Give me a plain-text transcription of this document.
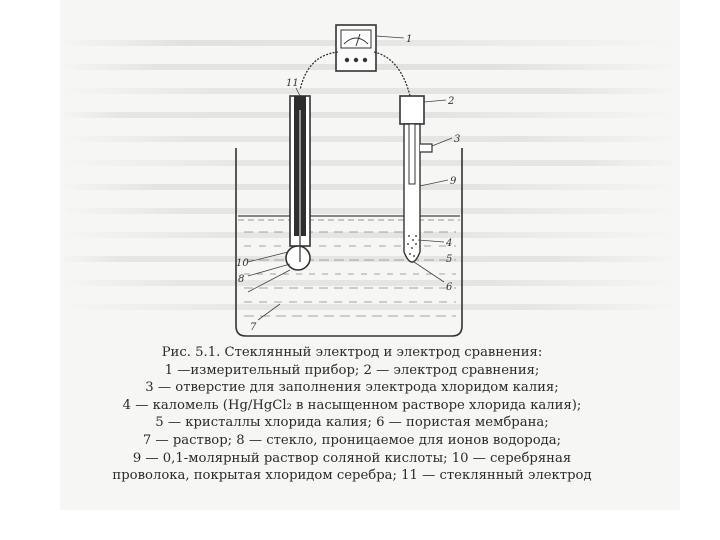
1
2
3
4
5
6
7
8
9
10
11
Рис. 5.1. Стеклянный электрод и электрод сравнения:
1 —измерительный прибор; 2 — электрод сравнения;
3 — отверстие для заполнения электрода хлоридом калия;
4 — каломель (Hg/HgCl₂ в насыщенном растворе хлорида калия);
5 — кристаллы хлорида калия; 6 — пористая мембрана;
7 — раствор; 8 — стекло, проницаемое для ионов водорода;
9 — 0,1-молярный раствор соляной кислоты; 10 — серебряная
проволока, покрытая хлоридом серебра; 11 — стеклянный электрод
